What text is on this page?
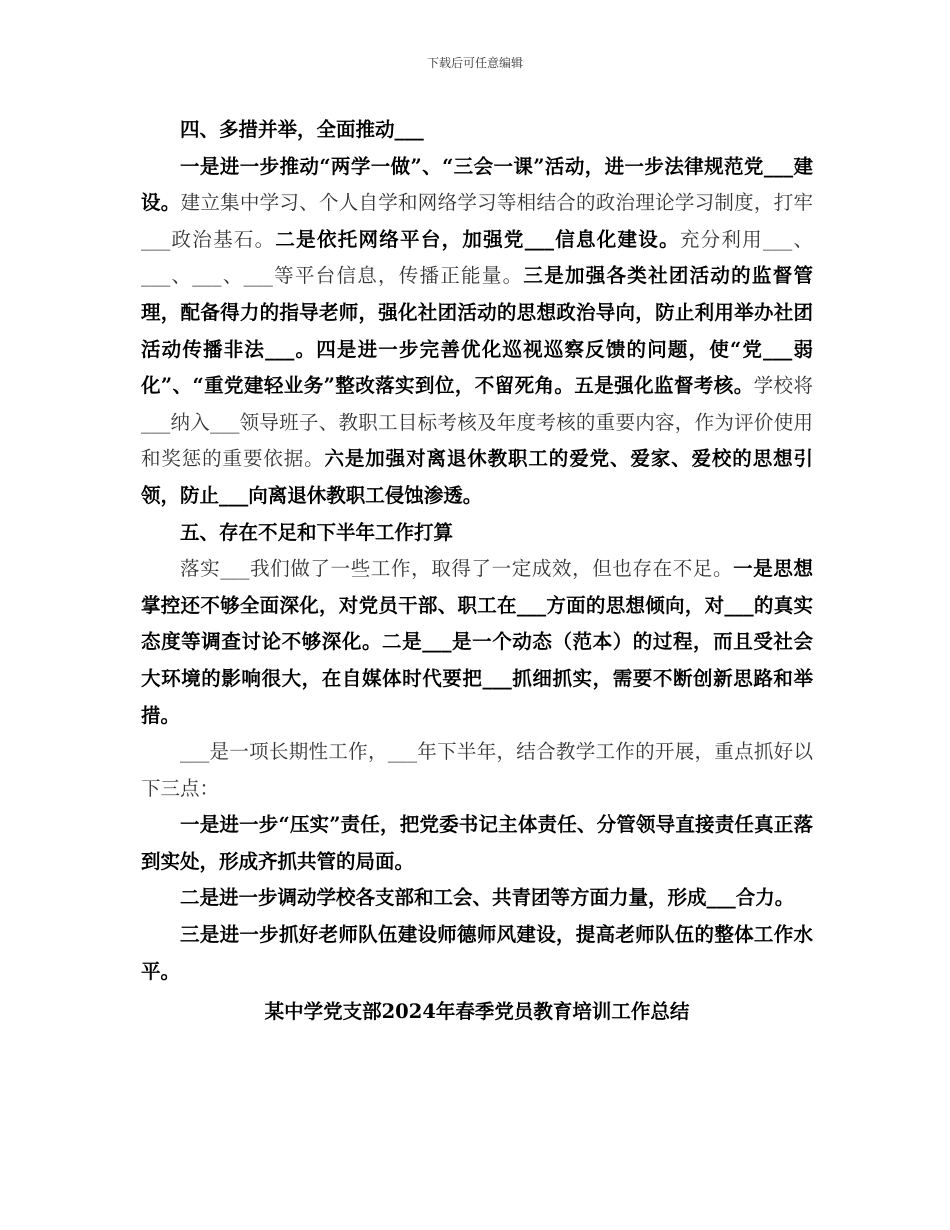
下载后可任意编辑

四、多措并举，全面推动___

一是进一步推动“两学一做”、“三会一课”活动，进一步法律规范党___建设。建立集中学习、个人自学和网络学习等相结合的政治理论学习制度，打牢___政治基石。二是依托网络平台，加强党___信息化建设。充分利用___、___、___、___等平台信息，传播正能量。三是加强各类社团活动的监督管理，配备得力的指导老师，强化社团活动的思想政治导向，防止利用举办社团活动传播非法___。四是进一步完善优化巡视巡察反馈的问题，使“党___弱化”、“重党建轻业务”整改落实到位，不留死角。五是强化监督考核。学校将___纳入___领导班子、教职工目标考核及年度考核的重要内容，作为评价使用和奖惩的重要依据。六是加强对离退休教职工的爱党、爱家、爱校的思想引领，防止___向离退休教职工侵蚀渗透。

五、存在不足和下半年工作打算

落实___我们做了一些工作，取得了一定成效，但也存在不足。一是思想掌控还不够全面深化，对党员干部、职工在___方面的思想倾向，对___的真实态度等调查讨论不够深化。二是___是一个动态（范本）的过程，而且受社会大环境的影响很大，在自媒体时代要把___抓细抓实，需要不断创新思路和举措。

___是一项长期性工作，___年下半年，结合教学工作的开展，重点抓好以下三点：

一是进一步“压实”责任，把党委书记主体责任、分管领导直接责任真正落到实处，形成齐抓共管的局面。

二是进一步调动学校各支部和工会、共青团等方面力量，形成___合力。

三是进一步抓好老师队伍建设师德师风建设，提高老师队伍的整体工作水平。

某中学党支部2024年春季党员教育培训工作总结
